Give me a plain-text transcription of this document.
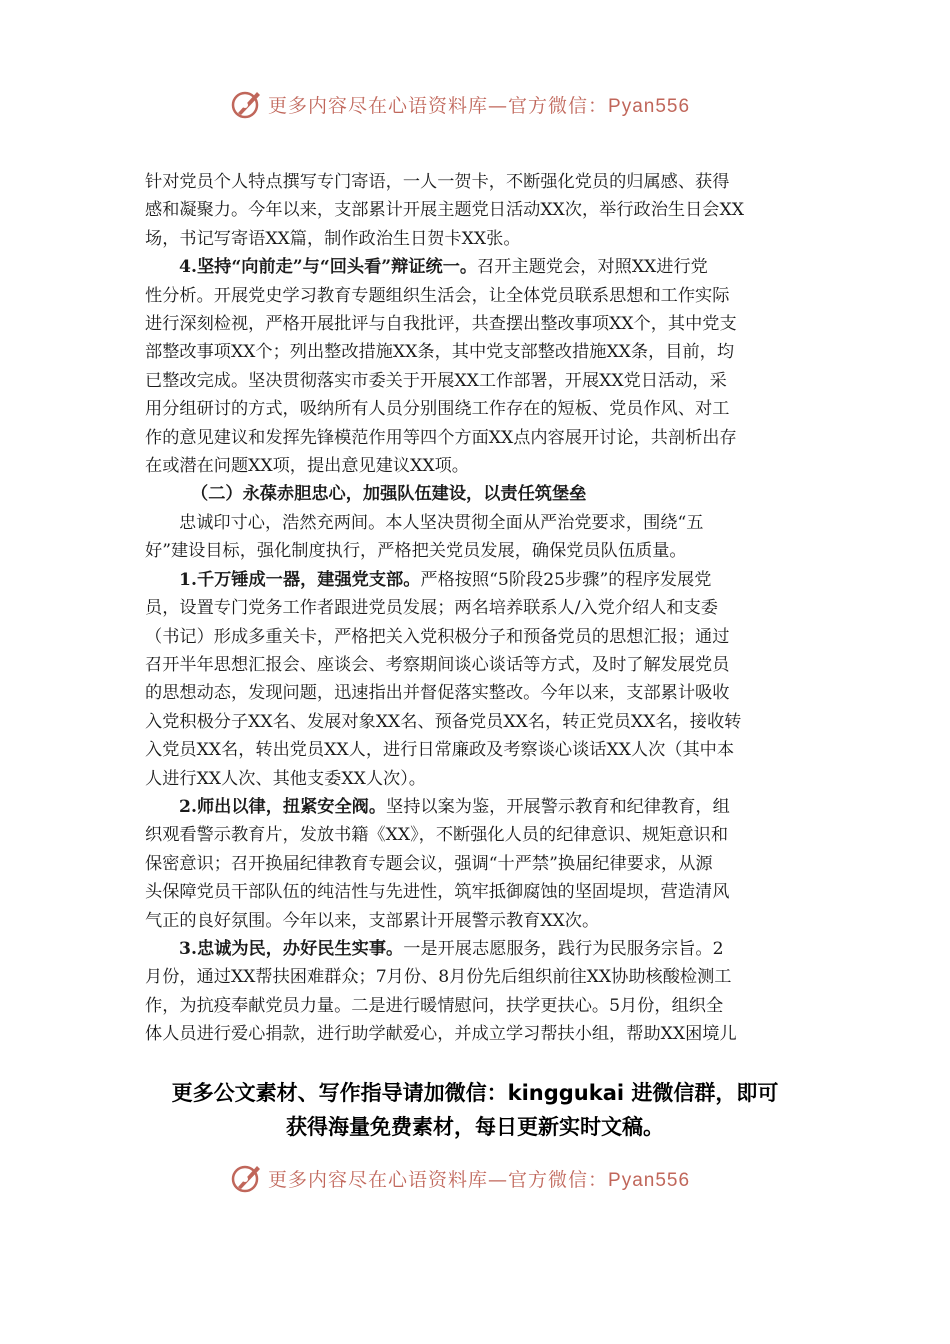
更多内容尽在心语资料库—官方微信：Pyan556

针对党员个人特点撰写专门寄语，一人一贺卡，不断强化党员的归属感、获得

感和凝聚力。今年以来，支部累计开展主题党日活动XX次，举行政治生日会XX

场，书记写寄语XX篇，制作政治生日贺卡XX张。

4.坚持“向前走”与“回头看”辩证统一。召开主题党会，对照XX进行党

性分析。开展党史学习教育专题组织生活会，让全体党员联系思想和工作实际

进行深刻检视，严格开展批评与自我批评，共查摆出整改事项XX个，其中党支

部整改事项XX个；列出整改措施XX条，其中党支部整改措施XX条，目前，均

已整改完成。坚决贯彻落实市委关于开展XX工作部署，开展XX党日活动，采

用分组研讨的方式，吸纳所有人员分别围绕工作存在的短板、党员作风、对工

作的意见建议和发挥先锋模范作用等四个方面XX点内容展开讨论，共剖析出存

在或潜在问题XX项，提出意见建议XX项。

（二）永葆赤胆忠心，加强队伍建设，以责任筑堡垒

忠诚印寸心，浩然充两间。本人坚决贯彻全面从严治党要求，围绕“五

好”建设目标，强化制度执行，严格把关党员发展，确保党员队伍质量。

1.千万锤成一器，建强党支部。严格按照“5阶段25步骤”的程序发展党

员，设置专门党务工作者跟进党员发展；两名培养联系人/入党介绍人和支委

（书记）形成多重关卡，严格把关入党积极分子和预备党员的思想汇报；通过

召开半年思想汇报会、座谈会、考察期间谈心谈话等方式，及时了解发展党员

的思想动态，发现问题，迅速指出并督促落实整改。今年以来，支部累计吸收

入党积极分子XX名、发展对象XX名、预备党员XX名，转正党员XX名，接收转

入党员XX名，转出党员XX人，进行日常廉政及考察谈心谈话XX人次（其中本

人进行XX人次、其他支委XX人次）。

2.师出以律，扭紧安全阀。坚持以案为鉴，开展警示教育和纪律教育，组

织观看警示教育片，发放书籍《XX》，不断强化人员的纪律意识、规矩意识和

保密意识；召开换届纪律教育专题会议，强调“十严禁”换届纪律要求，从源

头保障党员干部队伍的纯洁性与先进性，筑牢抵御腐蚀的坚固堤坝，营造清风

气正的良好氛围。今年以来，支部累计开展警示教育XX次。

3.忠诚为民，办好民生实事。一是开展志愿服务，践行为民服务宗旨。2

月份，通过XX帮扶困难群众；7月份、8月份先后组织前往XX协助核酸检测工

作，为抗疫奉献党员力量。二是进行暖情慰问，扶学更扶心。5月份，组织全

体人员进行爱心捐款，进行助学献爱心，并成立学习帮扶小组，帮助XX困境儿

更多公文素材、写作指导请加微信：kinggukai 进微信群，即可

获得海量免费素材，每日更新实时文稿。

更多内容尽在心语资料库—官方微信：Pyan556
